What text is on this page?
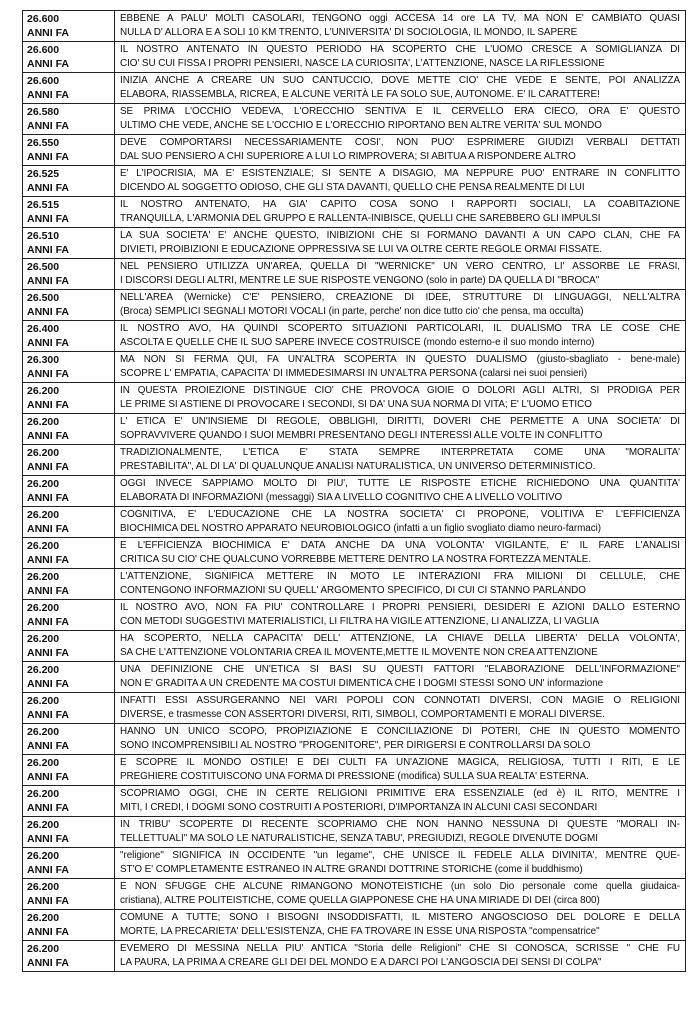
26.600
ANNI FA	EBBENE A PALU' MOLTI CASOLARI, TENGONO oggi ACCESA 14 ore LA TV, MA NON E' CAMBIATO QUASI
NULLA D' ALLORA E A SOLI 10 KM TRENTO, L'UNIVERSITA' DI SOCIOLOGIA, IL MONDO, IL SAPERE

26.600
ANNI FA	IL NOSTRO ANTENATO IN QUESTO PERIODO HA SCOPERTO CHE L'UOMO CRESCE A SOMIGLIANZA DI
CIO' SU CUI FISSA I PROPRI PENSIERI, NASCE LA CURIOSITA', L'ATTENZIONE, NASCE LA RIFLESSIONE

26.600
ANNI FA	INIZIA ANCHE A CREARE UN SUO CANTUCCIO, DOVE METTE CIO' CHE VEDE E SENTE, POI ANALIZZA
ELABORA, RIASSEMBLA, RICREA, E ALCUNE VERITÀ LE FA SOLO SUE, AUTONOME. E' IL CARATTERE!

26.580
ANNI FA	SE PRIMA L'OCCHIO VEDEVA, L'ORECCHIO SENTIVA E IL CERVELLO ERA CIECO, ORA E' QUESTO
ULTIMO CHE VEDE, ANCHE SE L'OCCHIO E L'ORECCHIO RIPORTANO BEN ALTRE VERITA' SUL MONDO

26.550
ANNI FA	DEVE COMPORTARSI NECESSARIAMENTE COSI', NON PUO' ESPRIMERE GIUDIZI VERBALI DETTATI
DAL SUO PENSIERO A CHI SUPERIORE A LUI LO RIMPROVERA; SI ABITUA A RISPONDERE ALTRO

26.525
ANNI FA	E' L'IPOCRISIA, MA E' ESISTENZIALE; SI SENTE A DISAGIO, MA NEPPURE PUO' ENTRARE IN CONFLITTO
DICENDO AL SOGGETTO ODIOSO, CHE GLI STA DAVANTI, QUELLO CHE PENSA REALMENTE DI LUI

26.515
ANNI FA	IL NOSTRO ANTENATO, HA GIA' CAPITO COSA SONO I RAPPORTI SOCIALI, LA COABITAZIONE
TRANQUILLA, L'ARMONIA DEL GRUPPO E RALLENTA-INIBISCE, QUELLI CHE SAREBBERO GLI IMPULSI

26.510
ANNI FA	LA SUA SOCIETA' E' ANCHE QUESTO, INIBIZIONI CHE SI FORMANO DAVANTI A UN CAPO CLAN, CHE FA
DIVIETI, PROIBIZIONI E EDUCAZIONE OPPRESSIVA SE LUI VA OLTRE CERTE REGOLE ORMAI FISSATE.

26.500
ANNI FA	NEL PENSIERO UTILIZZA UN'AREA, QUELLA DI "WERNICKE" UN VERO CENTRO, LI' ASSORBE LE FRASI,
I DISCORSI DEGLI ALTRI, MENTRE LE SUE RISPOSTE VENGONO (solo in parte) DA QUELLA DI "BROCA"

26.500
ANNI FA	NELL'AREA (Wernicke) C'E' PENSIERO, CREAZIONE DI IDEE, STRUTTURE DI LINGUAGGI, NELL'ALTRA
(Broca) SEMPLICI SEGNALI MOTORI VOCALI (in parte, perche' non dice tutto cio' che pensa, ma occulta)

26.400
ANNI FA	IL NOSTRO AVO, HA QUINDI SCOPERTO SITUAZIONI PARTICOLARI, IL DUALISMO TRA LE COSE CHE
ASCOLTA E QUELLE CHE IL SUO SAPERE INVECE COSTRUISCE (mondo esterno-e il suo mondo interno)

26.300
ANNI FA	MA NON SI FERMA QUI, FA UN'ALTRA SCOPERTA IN QUESTO DUALISMO (giusto-sbagliato - bene-male)
SCOPRE L' EMPATIA, CAPACITA' DI IMMEDESIMARSI IN UN'ALTRA PERSONA (calarsi nei suoi pensieri)

26.200
ANNI FA	IN QUESTA PROIEZIONE DISTINGUE CIO' CHE PROVOCA GIOIE O DOLORI AGLI ALTRI, SI PRODIGA PER
LE PRIME SI ASTIENE DI PROVOCARE I SECONDI, SI DA' UNA SUA NORMA DI VITA; E' L'UOMO ETICO

26.200
ANNI FA	L' ETICA E' UN'INSIEME DI REGOLE, OBBLIGHI, DIRITTI, DOVERI CHE PERMETTE A UNA SOCIETA' DI
SOPRAVVIVERE QUANDO I SUOI MEMBRI PRESENTANO DEGLI INTERESSI ALLE VOLTE IN CONFLITTO

26.200
ANNI FA	TRADIZIONALMENTE, L'ETICA E' STATA SEMPRE INTERPRETATA COME UNA "MORALITA'
PRESTABILITA", AL DI LA' DI QUALUNQUE ANALISI NATURALISTICA, UN UNIVERSO DETERMINISTICO.

26.200
ANNI FA	OGGI INVECE SAPPIAMO MOLTO DI PIU', TUTTE LE RISPOSTE ETICHE RICHIEDONO UNA QUANTITA'
ELABORATA DI INFORMAZIONI (messaggi) SIA A LIVELLO COGNITIVO CHE A LIVELLO VOLITIVO

26.200
ANNI FA	COGNITIVA, E' L'EDUCAZIONE CHE LA NOSTRA SOCIETA' CI PROPONE, VOLITIVA E' L'EFFICIENZA
BIOCHIMICA DEL NOSTRO APPARATO NEUROBIOLOGICO (infatti a un figlio svogliato diamo neuro-farmaci)

26.200
ANNI FA	E L'EFFICIENZA BIOCHIMICA E' DATA ANCHE DA UNA VOLONTA' VIGILANTE, E' IL FARE L'ANALISI
CRITICA SU CIO' CHE QUALCUNO VORREBBE METTERE DENTRO LA NOSTRA FORTEZZA MENTALE.

26.200
ANNI FA	L'ATTENZIONE, SIGNIFICA METTERE IN MOTO LE INTERAZIONI FRA MILIONI DI CELLULE, CHE
CONTENGONO INFORMAZIONI SU QUELL' ARGOMENTO SPECIFICO, DI CUI CI STANNO PARLANDO

26.200
ANNI FA	IL NOSTRO AVO, NON FA PIU' CONTROLLARE I PROPRI PENSIERI, DESIDERI E AZIONI DALLO ESTERNO
CON METODI SUGGESTIVI MATERIALISTICI, LI FILTRA HA VIGILE ATTENZIONE, LI ANALIZZA, LI VAGLIA

26.200
ANNI FA	HA SCOPERTO, NELLA CAPACITA' DELL' ATTENZIONE, LA CHIAVE DELLA LIBERTA' DELLA VOLONTA',
SA CHE L'ATTENZIONE VOLONTARIA CREA IL MOVENTE,METTE IL MOVENTE NON CREA ATTENZIONE

26.200
ANNI FA	UNA DEFINIZIONE CHE UN'ETICA SI BASI SU QUESTI FATTORI "ELABORAZIONE DELL'INFORMAZIONE"
NON E' GRADITA A UN CREDENTE MA COSTUI DIMENTICA CHE I DOGMI STESSI SONO UN' informazione

26.200
ANNI FA	INFATTI ESSI ASSURGERANNO NEI VARI POPOLI CON CONNOTATI DIVERSI, CON MAGIE O RELIGIONI
DIVERSE, e trasmesse CON ASSERTORI DIVERSI, RITI, SIMBOLI, COMPORTAMENTI E MORALI DIVERSE.

26.200
ANNI FA	HANNO UN UNICO SCOPO, PROPIZIAZIONE E CONCILIAZIONE DI POTERI, CHE IN QUESTO MOMENTO
SONO INCOMPRENSIBILI AL NOSTRO "PROGENITORE", PER DIRIGERSI E CONTROLLARSI DA SOLO

26.200
ANNI FA	E SCOPRE IL MONDO OSTILE! E DEI CULTI FA UN'AZIONE MAGICA, RELIGIOSA, TUTTI I RITI, E LE
PREGHIERE COSTITUISCONO UNA FORMA DI PRESSIONE (modifica) SULLA SUA REALTA' ESTERNA.

26.200
ANNI FA	SCOPRIAMO OGGI, CHE IN CERTE RELIGIONI PRIMITIVE ERA ESSENZIALE (ed è) IL RITO, MENTRE I
MITI, I CREDI, I DOGMI SONO COSTRUITI A POSTERIORI, D'IMPORTANZA IN ALCUNI CASI SECONDARI

26.200
ANNI FA	IN TRIBU' SCOPERTE DI RECENTE SCOPRIAMO CHE NON HANNO NESSUNA DI QUESTE "MORALI IN-
TELLETTUALI" MA SOLO LE NATURALISTICHE, SENZA TABU', PREGIUDIZI, REGOLE DIVENUTE DOGMI

26.200
ANNI FA	"religione" SIGNIFICA IN OCCIDENTE "un legame", CHE UNISCE IL FEDELE ALLA DIVINITA', MENTRE QUE-
ST'O E' COMPLETAMENTE ESTRANEO IN ALTRE GRANDI DOTTRINE STORICHE (come il buddhismo)

26.200
ANNI FA	E NON SFUGGE CHE ALCUNE RIMANGONO MONOTEISTICHE (un solo Dio personale come quella giudaica-
cristiana), ALTRE POLITEISTICHE, COME QUELLA GIAPPONESE CHE HA UNA MIRIADE DI DEI (circa 800)

26.200
ANNI FA	COMUNE A TUTTE; SONO I BISOGNI INSODDISFATTI, IL MISTERO ANGOSCIOSO DEL DOLORE E DELLA
MORTE, LA PRECARIETA' DELL'ESISTENZA, CHE FA TROVARE IN ESSE UNA RISPOSTA "compensatrice"

26.200
ANNI FA	EVEMERO DI MESSINA NELLA PIU' ANTICA "Storia delle Religioni" CHE SI CONOSCA, SCRISSE " CHE FU
LA PAURA, LA PRIMA A CREARE GLI DEI DEL MONDO E A DARCI POI L'ANGOSCIA DEI SENSI DI COLPA"
